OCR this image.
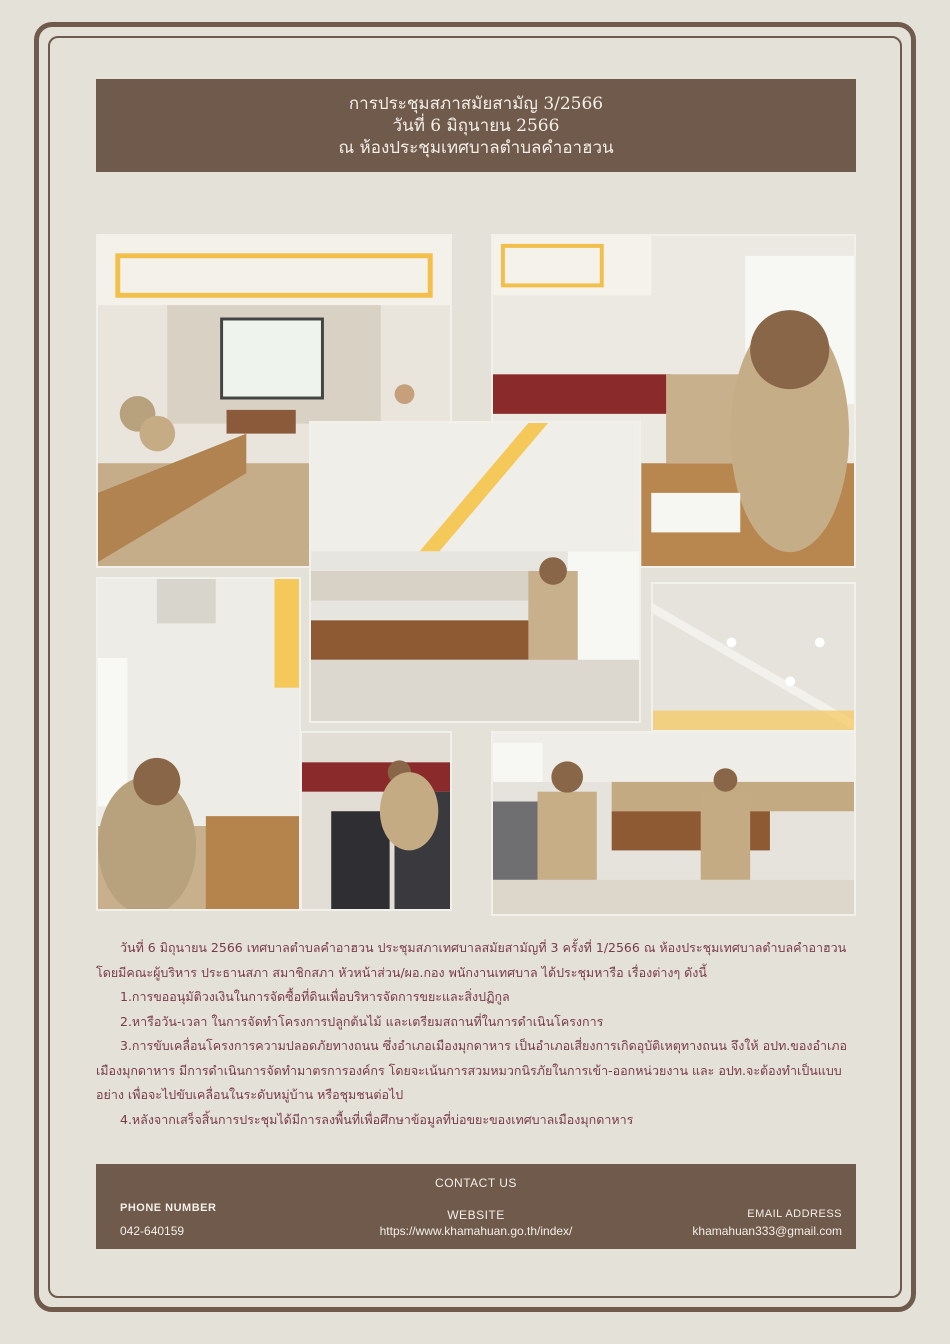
การประชุมสภาสมัยสามัญ 3/2566
วันที่ 6 มิถุนายน 2566
ณ ห้องประชุมเทศบาลตำบลคำอาฮวน

วันที่ 6 มิถุนายน 2566 เทศบาลตำบลคำอาฮวน ประชุมสภาเทศบาลสมัยสามัญที่ 3 ครั้งที่ 1/2566 ณ ห้องประชุมเทศบาลตำบลคำอาฮวน โดยมีคณะผู้บริหาร ประธานสภา สมาชิกสภา หัวหน้าส่วน/ผอ.กอง พนักงานเทศบาล ได้ประชุมหารือ เรื่องต่างๆ ดังนี้

1.การขออนุมัติวงเงินในการจัดซื้อที่ดินเพื่อบริหารจัดการขยะและสิ่งปฏิกูล

2.หารือวัน-เวลา ในการจัดทำโครงการปลูกต้นไม้ และเตรียมสถานที่ในการดำเนินโครงการ

3.การขับเคลื่อนโครงการความปลอดภัยทางถนน ซึ่งอำเภอเมืองมุกดาหาร เป็นอำเภอเสี่ยงการเกิดอุบัติเหตุทางถนน จึงให้ อปท.ของอำเภอเมืองมุกดาหาร มีการดำเนินการจัดทำมาตรการองค์กร โดยจะเน้นการสวมหมวกนิรภัยในการเข้า-ออกหน่วยงาน และ อปท.จะต้องทำเป็นแบบอย่าง เพื่อจะไปขับเคลื่อนในระดับหมู่บ้าน หรือชุมชนต่อไป

4.หลังจากเสร็จสิ้นการประชุมได้มีการลงพื้นที่เพื่อศึกษาข้อมูลที่บ่อขยะของเทศบาลเมืองมุกดาหาร

CONTACT US
PHONE NUMBER
042-640159
WEBSITE
https://www.khamahuan.go.th/index/
EMAIL ADDRESS
khamahuan333@gmail.com
